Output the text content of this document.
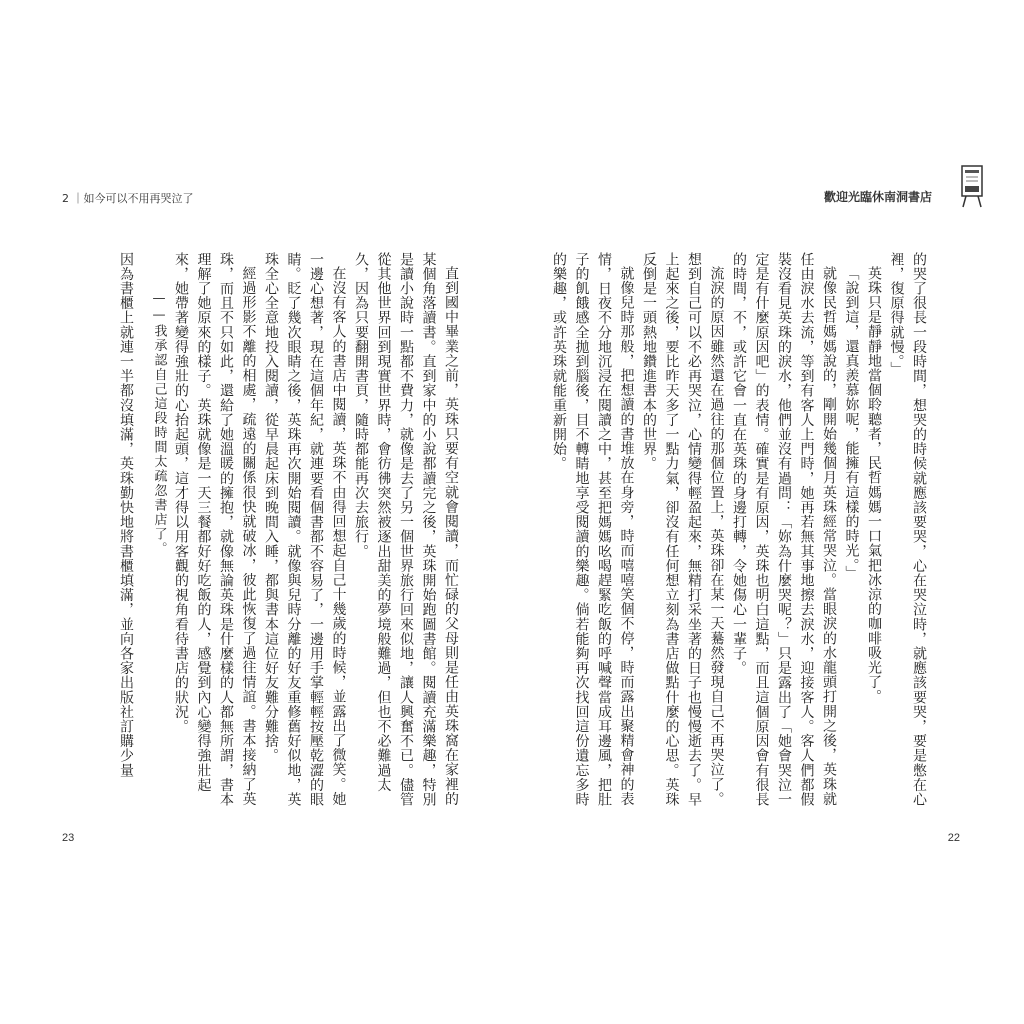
2 ｜如今可以不用再哭泣了	歡迎光臨休南洞書店

的哭了很長一段時間，想哭的時候就應該要哭，心在哭泣時，就應該要哭，要是憋在心裡，復原得就慢。」

英珠只是靜靜地當個聆聽者，民哲媽媽一口氣把冰涼的咖啡吸光了。

「說到這，還真羨慕妳呢，能擁有這樣的時光。」

就像民哲媽媽說的，剛開始幾個月英珠經常哭泣。當眼淚的水龍頭打開之後，英珠就任由淚水去流，等到有客人上門時，她再若無其事地擦去淚水，迎接客人。客人們都假裝沒看見英珠的淚水，他們並沒有過問：「妳為什麼哭呢？」只是露出了「她會哭泣一定是有什麼原因吧」的表情。確實是有原因，英珠也明白這點，而且這個原因會有很長的時間，不，或許它會一直在英珠的身邊打轉，令她傷心一輩子。

流淚的原因雖然還在過往的那個位置上，英珠卻在某一天驀然發現自己不再哭泣了。想到自己可以不必再哭泣，心情變得輕盈起來，無精打采坐著的日子也慢慢逝去了。早上起來之後，要比昨天多了一點力氣，卻沒有任何想立刻為書店做點什麼的心思。英珠反倒是一頭熱地鑽進書本的世界。

就像兒時那般，把想讀的書堆放在身旁，時而嘻嘻笑個不停，時而露出聚精會神的表情，日夜不分地沉浸在閱讀之中，甚至把媽媽吆喝趕緊吃飯的呼喊聲當成耳邊風，把肚子的飢餓感全拋到腦後，目不轉睛地享受閱讀的樂趣。倘若能夠再次找回這份遺忘多時的樂趣，或許英珠就能重新開始。

直到國中畢業之前，英珠只要有空就會閱讀，而忙碌的父母則是任由英珠窩在家裡的某個角落讀書。直到家中的小說都讀完之後，英珠開始跑圖書館。閱讀充滿樂趣，特別是讀小說時一點都不費力，就像是去了另一個世界旅行回來似地，讓人興奮不已。儘管從其他世界回到現實世界時，會彷彿突然被逐出甜美的夢境般難過，但也不必難過太久，因為只要翻開書頁，隨時都能再次去旅行。

在沒有客人的書店中閱讀，英珠不由得回想起自己十幾歲的時候，並露出了微笑。她一邊心想著，現在這個年紀，就連要看個書都不容易了，一邊用手掌輕輕按壓乾澀的眼睛。眨了幾次眼睛之後，英珠再次開始閱讀。就像與兒時分離的好友重修舊好似地，英珠全心全意地投入閱讀，從早晨起床到晚間入睡，都與書本這位好友難分難捨。

經過形影不離的相處，疏遠的關係很快就破冰，彼此恢復了過往情誼。書本接納了英珠，而且不只如此，還給了她溫暖的擁抱，就像無論英珠是什麼樣的人都無所謂，書本理解了她原來的樣子。英珠就像是一天三餐都好好吃飯的人，感覺到內心變得強壯起來，她帶著變得強壯的心抬起頭，這才得以用客觀的視角看待書店的狀況。

——我承認自己這段時間太疏忽書店了。

因為書櫃上就連一半都沒填滿，英珠勤快地將書櫃填滿，並向各家出版社訂購少量

23	22
